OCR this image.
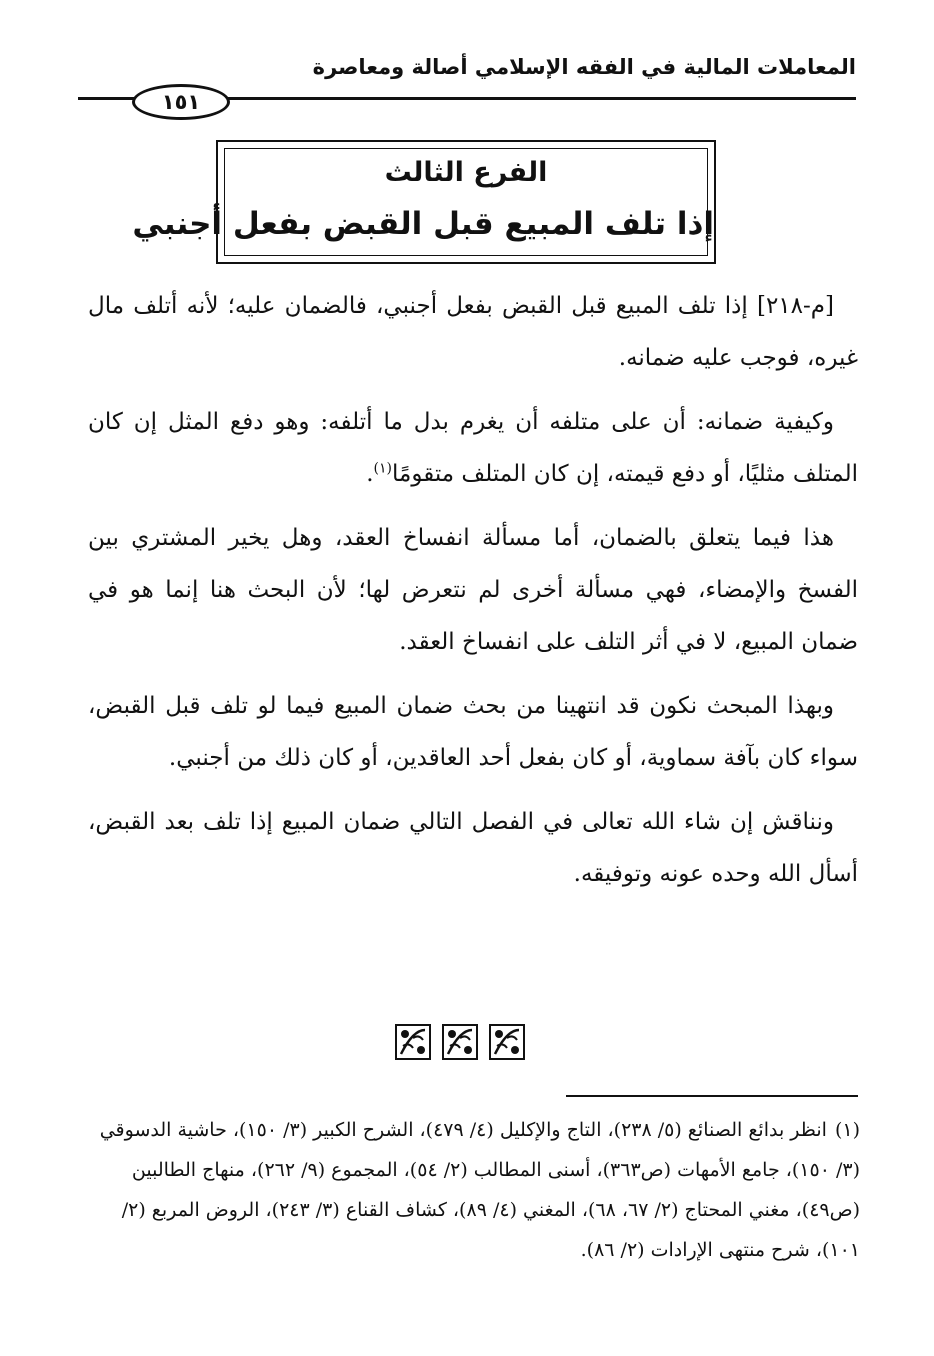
المعاملات المالية في الفقه الإسلامي أصالة ومعاصرة
١٥١
الفرع الثالث
إذا تلف المبيع قبل القبض بفعل أجنبي

[م-٢١٨] إذا تلف المبيع قبل القبض بفعل أجنبي، فالضمان عليه؛ لأنه أتلف مال غيره، فوجب عليه ضمانه.

وكيفية ضمانه: أن على متلفه أن يغرم بدل ما أتلفه: وهو دفع المثل إن كان المتلف مثليًا، أو دفع قيمته، إن كان المتلف متقومًا$^{(١)}$.

هذا فيما يتعلق بالضمان، أما مسألة انفساخ العقد، وهل يخير المشتري بين الفسخ والإمضاء، فهي مسألة أخرى لم نتعرض لها؛ لأن البحث هنا إنما هو في ضمان المبيع، لا في أثر التلف على انفساخ العقد.

وبهذا المبحث نكون قد انتهينا من بحث ضمان المبيع فيما لو تلف قبل القبض، سواء كان بآفة سماوية، أو كان بفعل أحد العاقدين، أو كان ذلك من أجنبي.

ونناقش إن شاء الله تعالى في الفصل التالي ضمان المبيع إذا تلف بعد القبض، أسأل الله وحده عونه وتوفيقه.

(١)انظر بدائع الصنائع (٥/ ٢٣٨)، التاج والإكليل (٤/ ٤٧٩)، الشرح الكبير (٣/ ١٥٠)، حاشية الدسوقي (٣/ ١٥٠)، جامع الأمهات (ص٣٦٣)، أسنى المطالب (٢/ ٥٤)، المجموع (٩/ ٢٦٢)، منهاج الطالبين (ص٤٩)، مغني المحتاج (٢/ ٦٧، ٦٨)، المغني (٤/ ٨٩)، كشاف القناع (٣/ ٢٤٣)، الروض المربع (٢/ ١٠١)، شرح منتهى الإرادات (٢/ ٨٦).
